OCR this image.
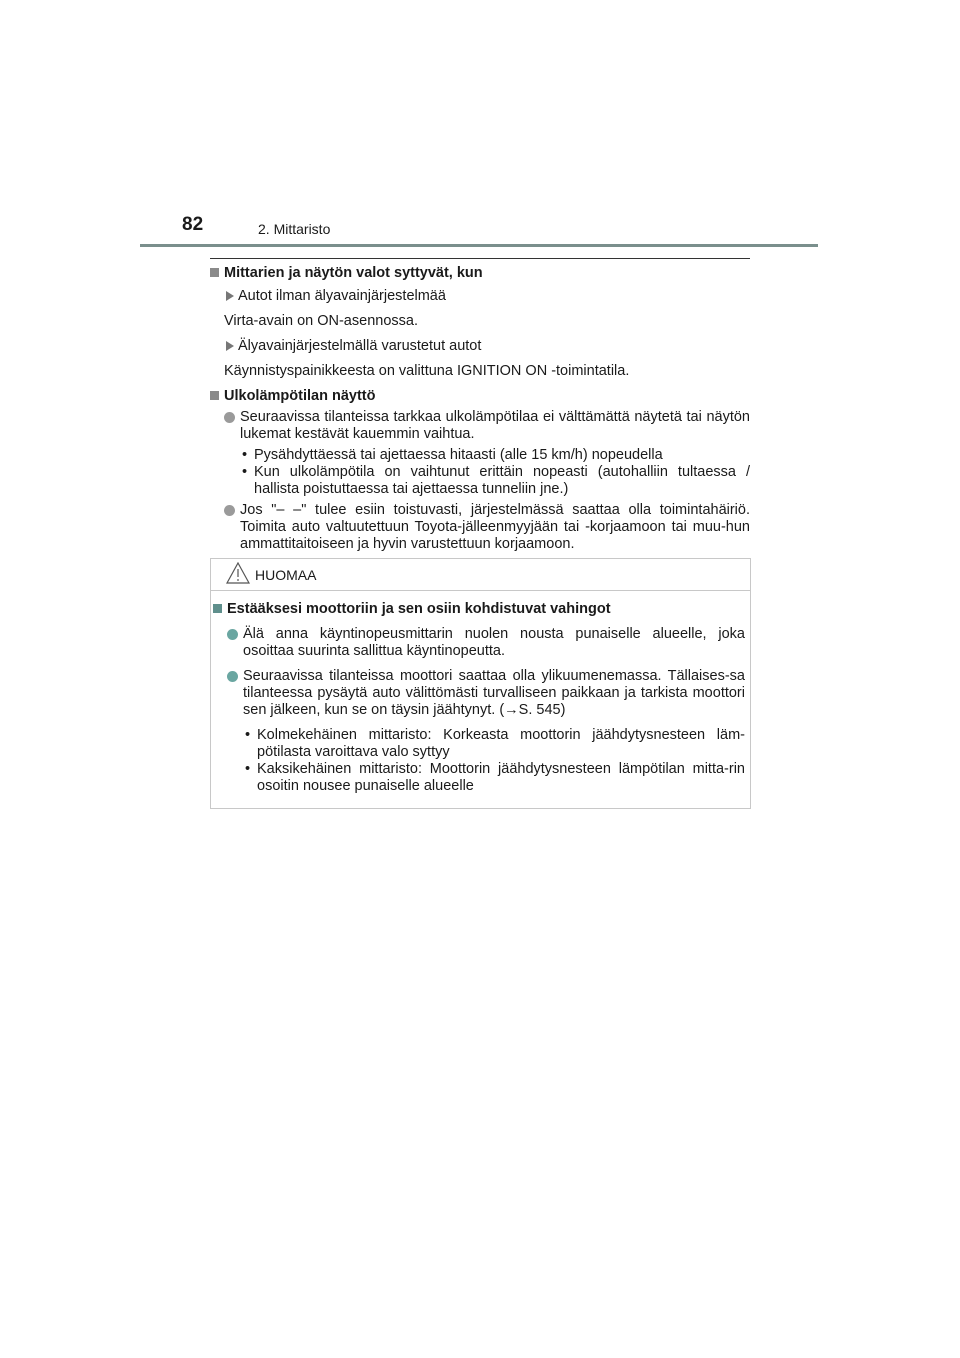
82	2. Mittaristo

Mittarien ja näytön valot syttyvät, kun

Autot ilman älyavainjärjestelmää
Virta-avain on ON-asennossa.
Älyavainjärjestelmällä varustetut autot
Käynnistyspainikkeesta on valittuna IGNITION ON -toimintatila.

Ulkolämpötilan näyttö

Seuraavissa tilanteissa tarkkaa ulkolämpötilaa ei välttämättä näytetä tai näytön lukemat kestävät kauemmin vaihtua.
• Pysähdyttäessä tai ajettaessa hitaasti (alle 15 km/h) nopeudella
• Kun ulkolämpötila on vaihtunut erittäin nopeasti (autohalliin tultaessa / hallista poistuttaessa tai ajettaessa tunneliin jne.)
Jos "– –" tulee esiin toistuvasti, järjestelmässä saattaa olla toimintahäiriö. Toimita auto valtuutettuun Toyota-jälleenmyyjään tai -korjaamoon tai muu-hun ammattitaitoiseen ja hyvin varustettuun korjaamoon.
HUOMAA

Estääksesi moottoriin ja sen osiin kohdistuvat vahingot

Älä anna käyntinopeusmittarin nuolen nousta punaiselle alueelle, joka osoittaa suurinta sallittua käyntinopeutta.
Seuraavissa tilanteissa moottori saattaa olla ylikuumenemassa. Tällaises-sa tilanteessa pysäytä auto välittömästi turvalliseen paikkaan ja tarkista moottori sen jälkeen, kun se on täysin jäähtynyt. (→S. 545)
• Kolmekehäinen mittaristo: Korkeasta moottorin jäähdytysnesteen läm-pötilasta varoittava valo syttyy
• Kaksikehäinen mittaristo: Moottorin jäähdytysnesteen lämpötilan mitta-rin osoitin nousee punaiselle alueelle
